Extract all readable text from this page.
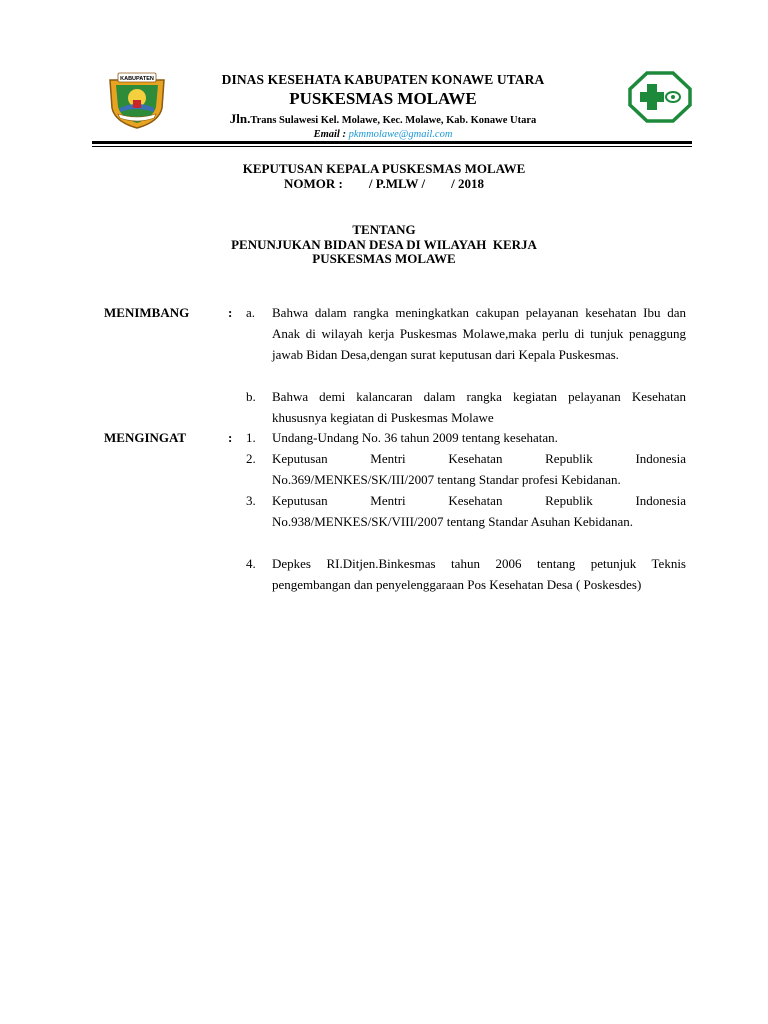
KABUPATEN	DINAS KESEHATA KABUPATEN KONAWE UTARA
PUSKESMAS MOLAWE
Jln.Trans Sulawesi Kel. Molawe, Kec. Molawe, Kab. Konawe Utara
Email : pkmmolawe@gmail.com
KEPUTUSAN KEPALA PUSKESMAS MOLAWE
NOMOR :        / P.MLW /        / 2018
TENTANG
PENUNJUKAN BIDAN DESA DI WILAYAH  KERJA
PUSKESMAS MOLAWE
MENIMBANG	: a.	Bahwa dalam rangka meningkatkan cakupan pelayanan kesehatan Ibu dan Anak di wilayah kerja Puskesmas Molawe,maka perlu di tunjuk penaggung jawab Bidan Desa,dengan surat keputusan dari Kepala Puskesmas.
b.	Bahwa demi kalancaran dalam rangka kegiatan pelayanan Kesehatan khususnya kegiatan di Puskesmas Molawe
MENGINGAT	: 1.	Undang-Undang No. 36 tahun 2009 tentang kesehatan.
2.	Keputusan Mentri Kesehatan Republik Indonesia No.369/MENKES/SK/III/2007 tentang Standar profesi Kebidanan.
3.	Keputusan Mentri Kesehatan Republik Indonesia No.938/MENKES/SK/VIII/2007 tentang Standar Asuhan Kebidanan.
4.	Depkes RI.Ditjen.Binkesmas tahun 2006 tentang petunjuk Teknis pengembangan dan penyelenggaraan Pos Kesehatan Desa ( Poskesdes)
